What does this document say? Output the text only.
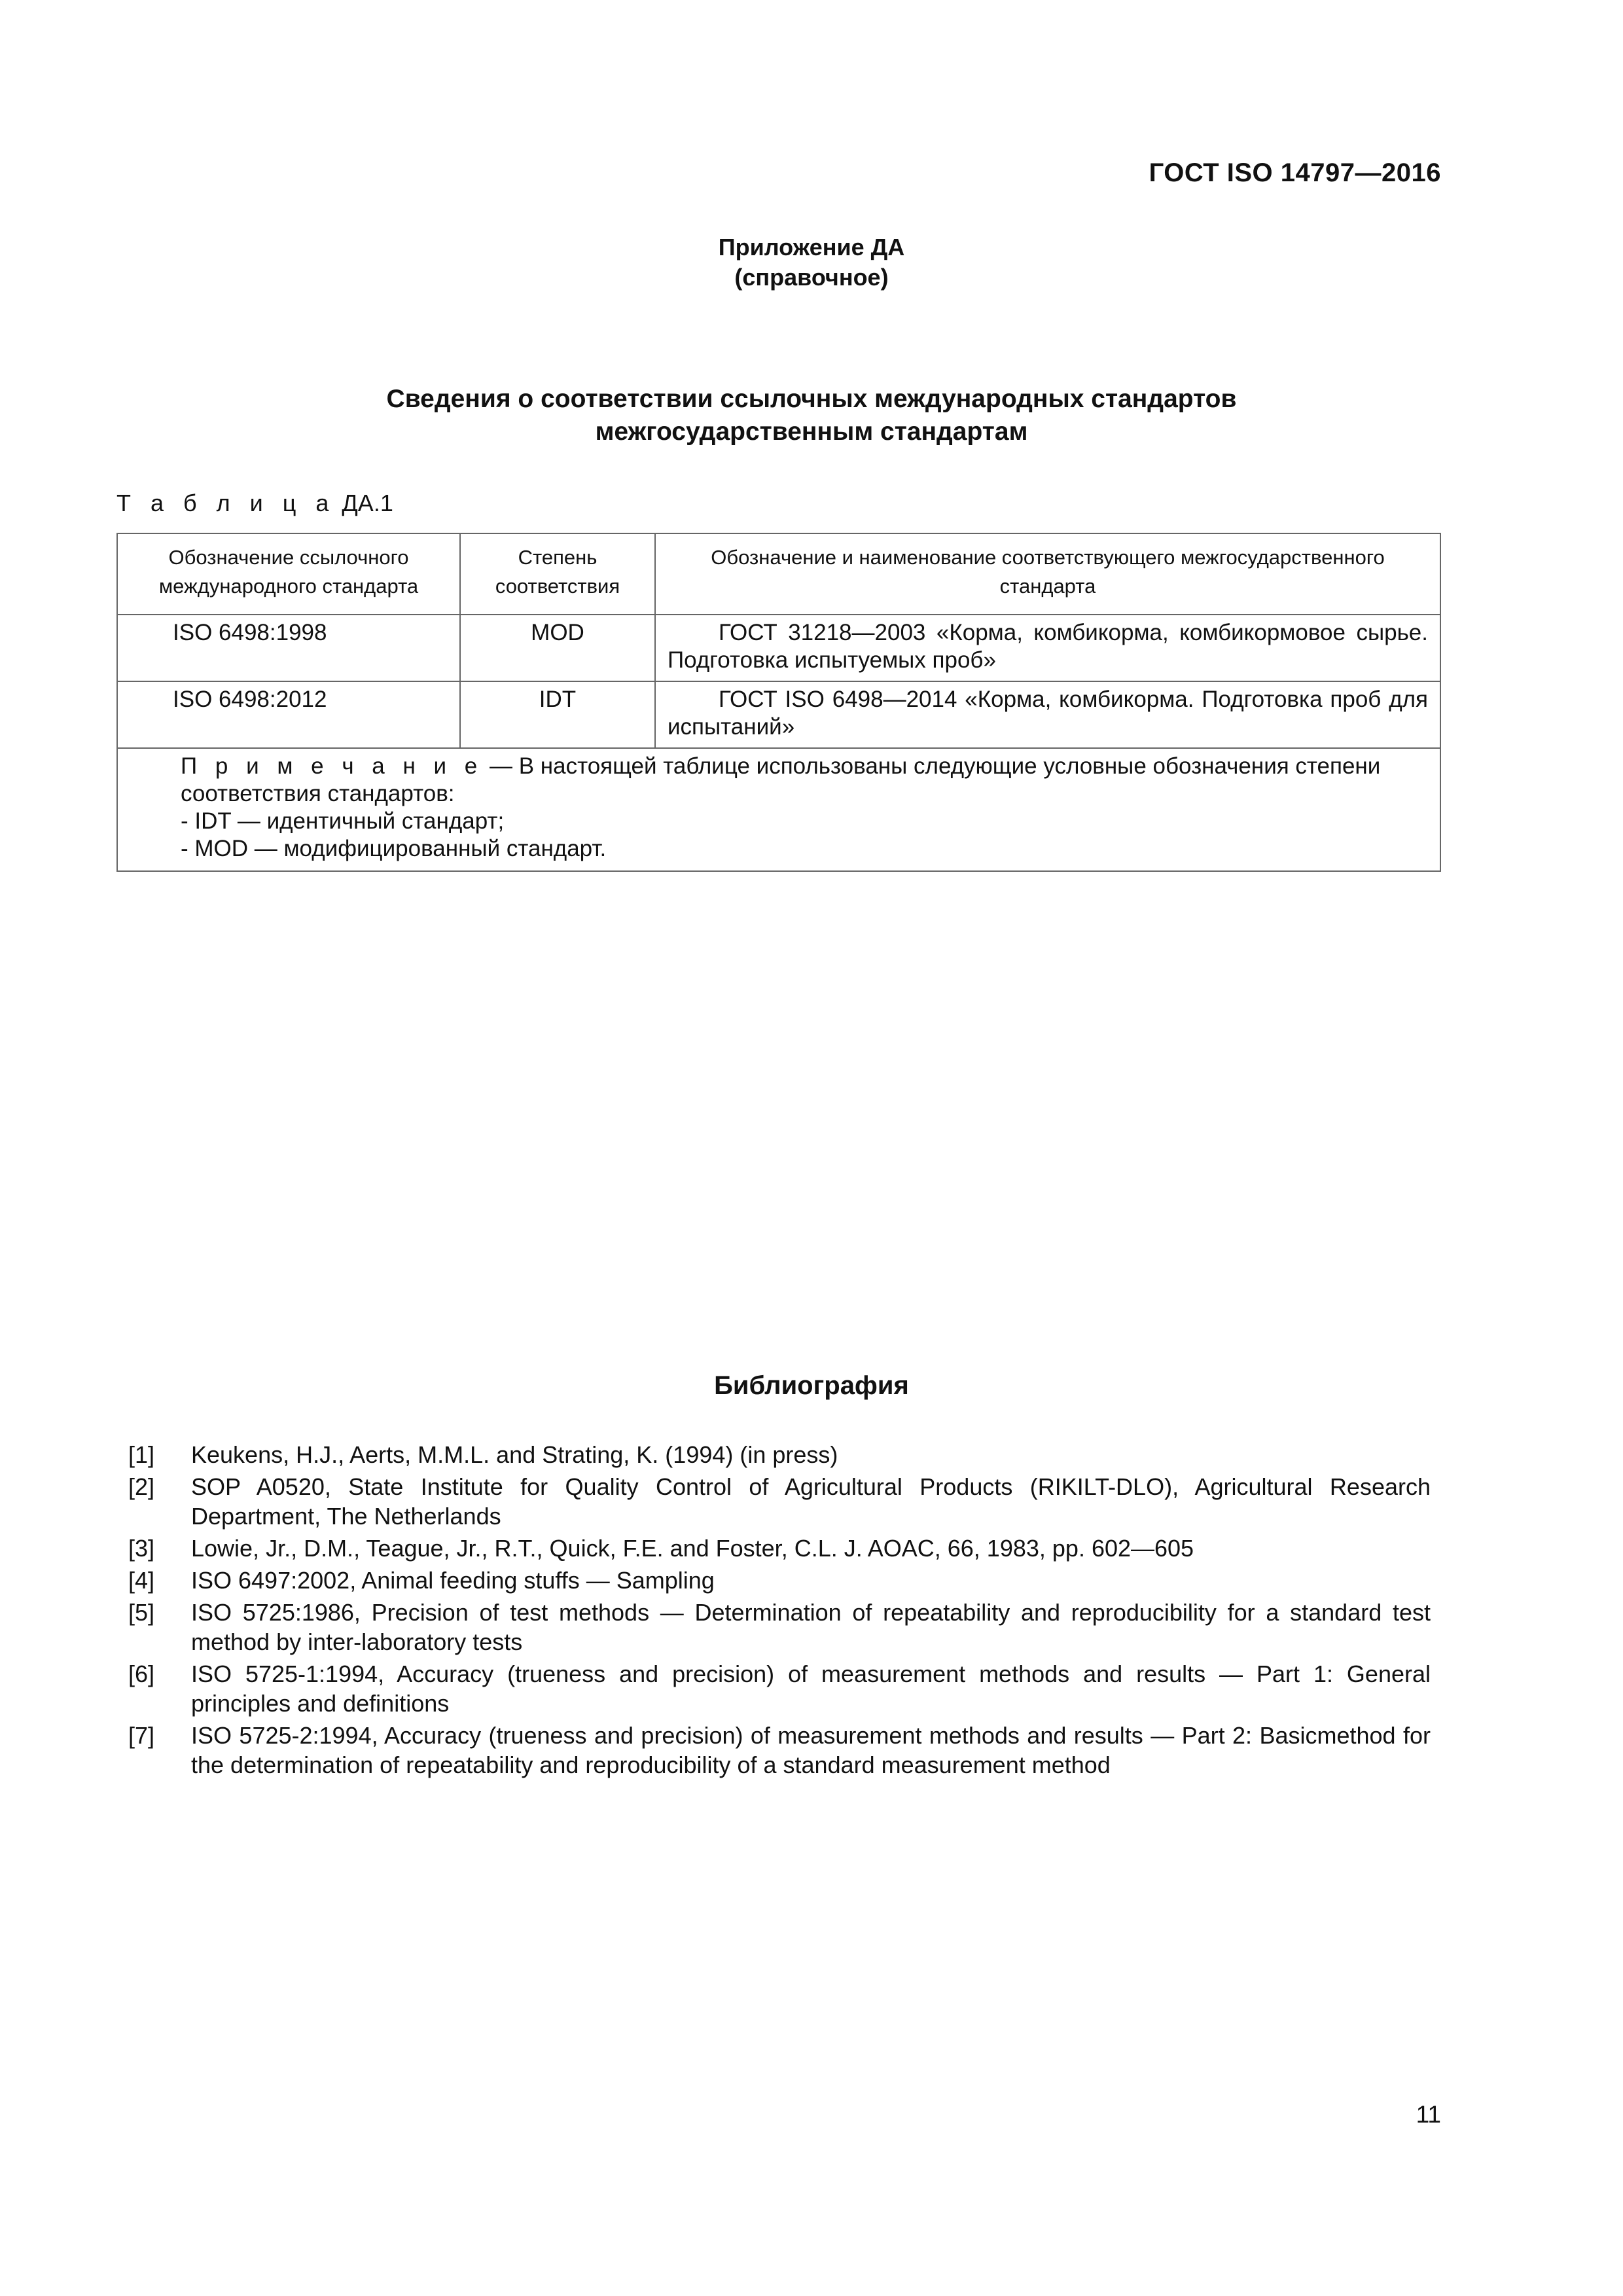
ГОСТ ISO 14797—2016
Приложение ДА
(справочное)
Сведения о соответствии ссылочных международных стандартов
межгосударственным стандартам
Т а б л и ц а ДА.1
Обозначение ссылочного международного стандарта	Степень соответствия	Обозначение и наименование соответствующего межгосударственного стандарта
ISO 6498:1998	MOD	ГОСТ 31218—2003 «Корма, комбикорма, комбикормовое сырье. Подготовка испытуемых проб»
ISO 6498:2012	IDT	ГОСТ ISO 6498—2014 «Корма, комбикорма. Подготовка проб для испытаний»

П р и м е ч а н и е — В настоящей таблице использованы следующие условные обозначения степени соответствия стандартов:
- IDT — идентичный стандарт;
- MOD — модифицированный стандарт.		
Библиография
[1]	Keukens, H.J., Aerts, M.M.L. and Strating, K. (1994) (in press)
[2]	SOP A0520, State Institute for Quality Control of Agricultural Products (RIKILT-DLO), Agricultural Research Department, The Netherlands
[3]	Lowie, Jr., D.M., Teague, Jr., R.T., Quick, F.E. and Foster, C.L. J. AOAC, 66, 1983, pp. 602—605
[4]	ISO 6497:2002, Animal feeding stuffs — Sampling
[5]	ISO 5725:1986, Precision of test methods — Determination of repeatability and reproducibility for a standard test method by inter-laboratory tests
[6]	ISO 5725-1:1994, Accuracy (trueness and precision) of measurement methods and results — Part 1: General principles and definitions
[7]	ISO 5725-2:1994, Accuracy (trueness and precision) of measurement methods and results — Part 2: Basicmethod for the determination of repeatability and reproducibility of a standard measurement method
11
